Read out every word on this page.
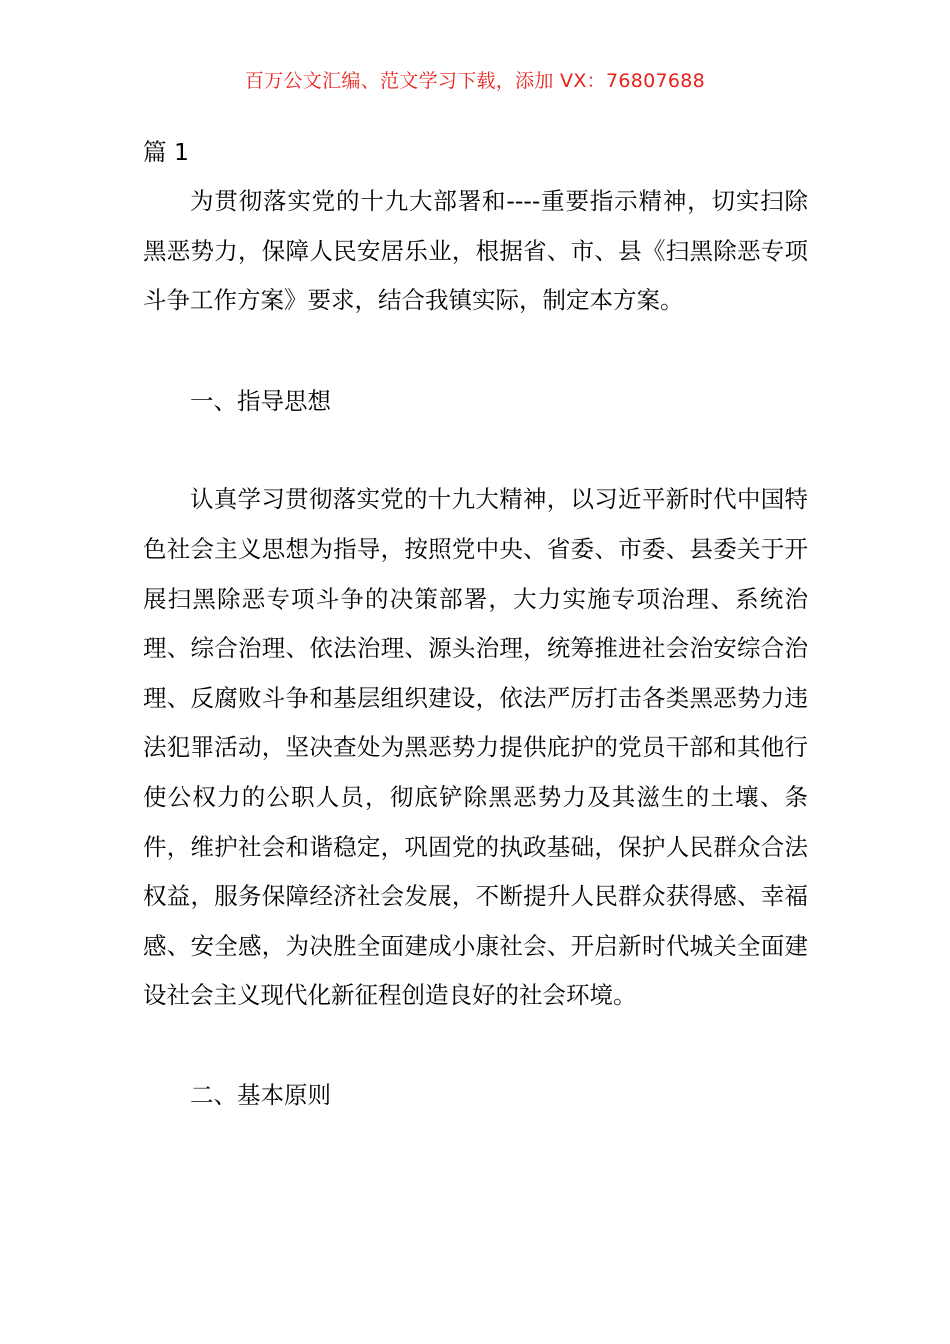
百万公文汇编、范文学习下载，添加 VX：76807688

篇 1

为贯彻落实党的十九大部署和----重要指示精神，切实扫除黑恶势力，保障人民安居乐业，根据省、市、县《扫黑除恶专项斗争工作方案》要求，结合我镇实际，制定本方案。

一、指导思想

认真学习贯彻落实党的十九大精神，以习近平新时代中国特色社会主义思想为指导，按照党中央、省委、市委、县委关于开展扫黑除恶专项斗争的决策部署，大力实施专项治理、系统治理、综合治理、依法治理、源头治理，统筹推进社会治安综合治理、反腐败斗争和基层组织建设，依法严厉打击各类黑恶势力违法犯罪活动，坚决查处为黑恶势力提供庇护的党员干部和其他行使公权力的公职人员，彻底铲除黑恶势力及其滋生的土壤、条件，维护社会和谐稳定，巩固党的执政基础，保护人民群众合法权益，服务保障经济社会发展，不断提升人民群众获得感、幸福感、安全感，为决胜全面建成小康社会、开启新时代城关全面建设社会主义现代化新征程创造良好的社会环境。

二、基本原则
